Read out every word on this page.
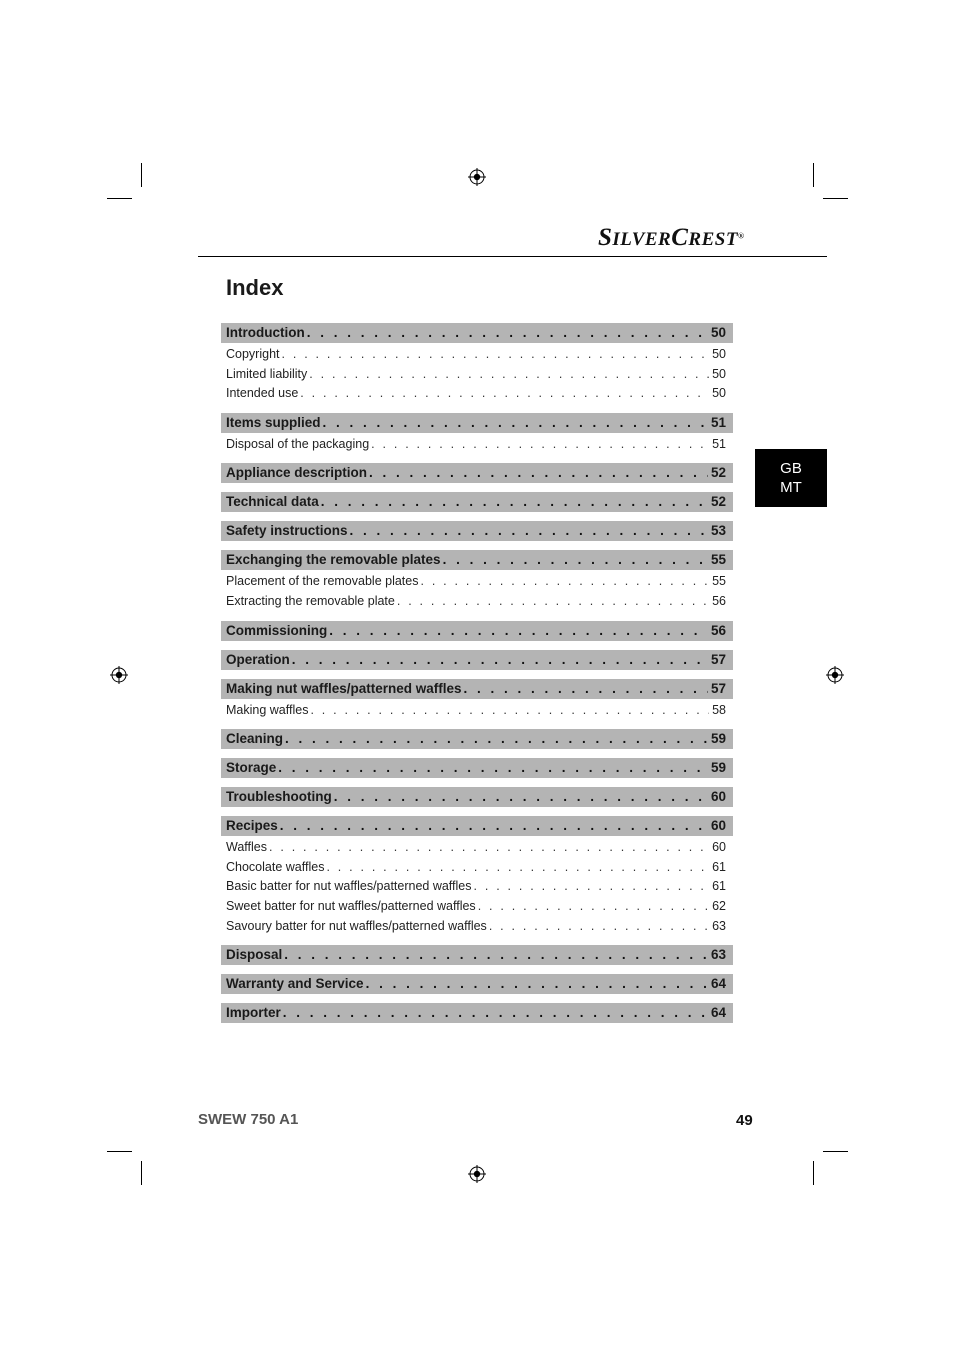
SILVERCREST®
Index
GB
MT
Introduction . . .	50
Copyright . . .	50
Limited liability . . .	50
Intended use . . .	50
Items supplied . . .	51
Disposal of the packaging . . .	51
Appliance description . . .	52
Technical data . . .	52
Safety instructions . . .	53
Exchanging the removable plates . . .	55
Placement of the removable plates . . .	55
Extracting the removable plate . . .	56
Commissioning . . .	56
Operation . . .	57
Making nut waffles/patterned waffles . . .	57
Making waffles . . .	58
Cleaning . . .	59
Storage . . .	59
Troubleshooting . . .	60
Recipes . . .	60
Waffles . . .	60
Chocolate waffles . . .	61
Basic batter for nut waffles/patterned waffles . . .	61
Sweet batter for nut waffles/patterned waffles . . .	62
Savoury batter for nut waffles/patterned waffles . . .	63
Disposal . . .	63
Warranty and Service . . .	64
Importer . . .	64

SWEW 750 A1	49
